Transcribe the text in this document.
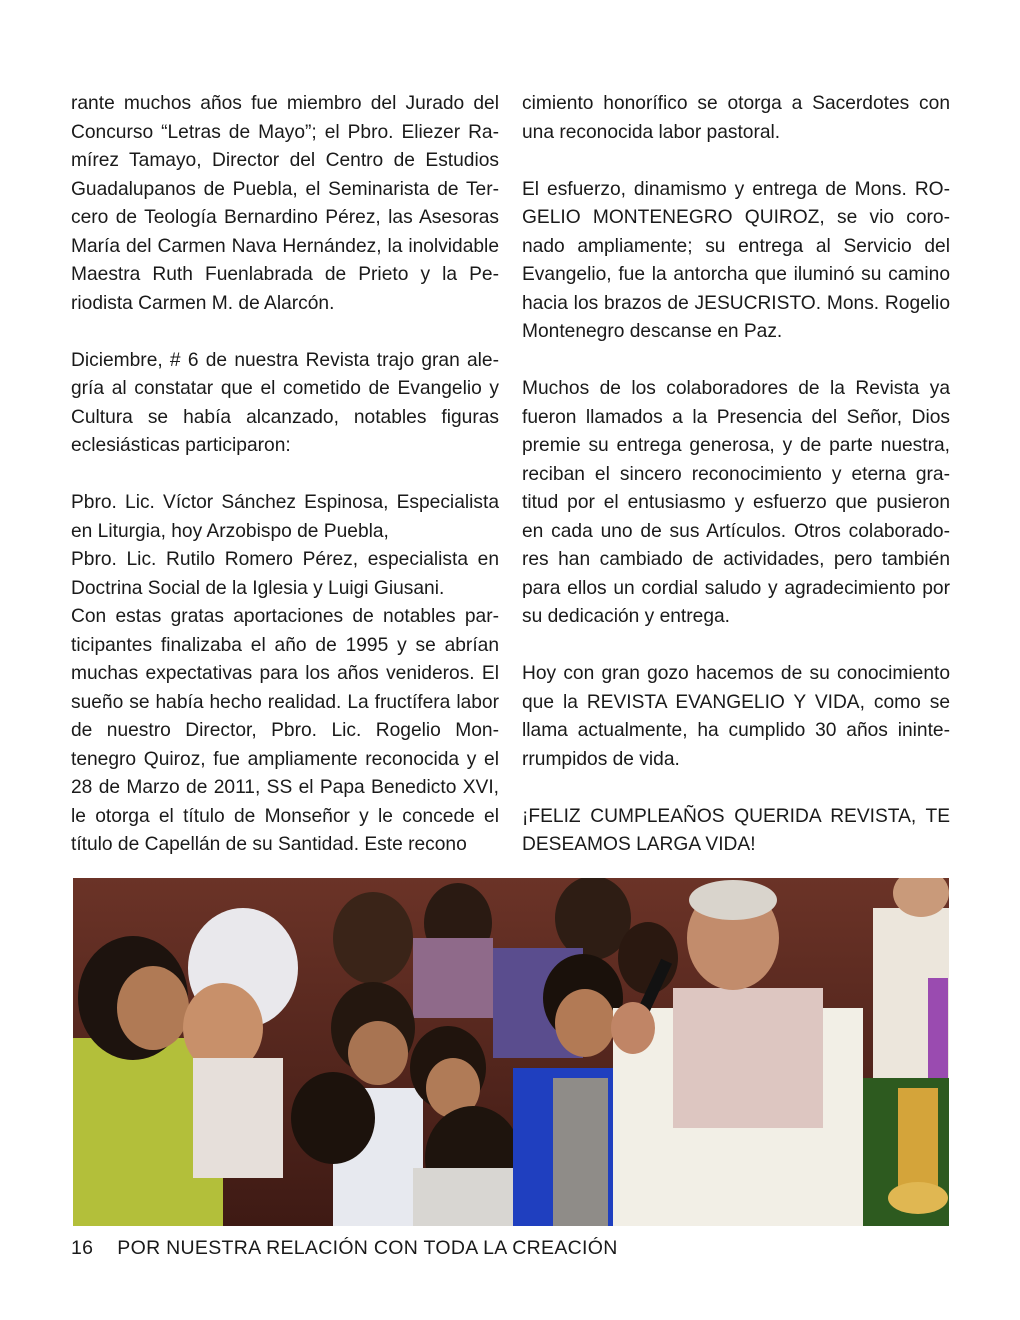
rante muchos años fue miembro del Jurado del Concurso “Letras de Mayo”; el Pbro. Eliezer Ramírez Tamayo, Director del Centro de Estudios Guadalupanos de Puebla, el Seminarista de Tercero de Teología Bernardino Pérez, las Asesoras María del Carmen Nava Hernández, la inolvidable Maestra Ruth Fuenlabrada de Prieto y la Periodista Carmen M. de Alarcón.

Diciembre, # 6 de nuestra Revista trajo gran alegría al constatar que el cometido de Evangelio y Cultura se había alcanzado, notables figuras eclesiásticas participaron:

Pbro. Lic. Víctor Sánchez Espinosa, Especialista en Liturgia, hoy Arzobispo de Puebla,

Pbro. Lic. Rutilo Romero Pérez, especialista en Doctrina Social de la Iglesia y Luigi Giusani.

Con estas gratas aportaciones de notables participantes finalizaba el año de 1995 y se abrían muchas expectativas para los años venideros. El sueño se había hecho realidad. La fructífera labor de nuestro Director, Pbro. Lic. Rogelio Montenegro Quiroz, fue ampliamente reconocida y el 28 de Marzo de 2011, SS el Papa Benedicto XVI, le otorga el título de Monseñor y le concede el título de Capellán de su Santidad. Este recono

cimiento honorífico se otorga a Sacerdotes con una reconocida labor pastoral.

El esfuerzo, dinamismo y entrega de Mons. ROGELIO MONTENEGRO QUIROZ, se vio coronado ampliamente; su entrega al Servicio del Evangelio, fue la antorcha que iluminó su camino hacia los brazos de JESUCRISTO. Mons. Rogelio Montenegro descanse en Paz.

Muchos de los colaboradores de la Revista ya fueron llamados a la Presencia del Señor, Dios premie su entrega generosa, y de parte nuestra, reciban el sincero reconocimiento y eterna gratitud por el entusiasmo y esfuerzo que pusieron en cada uno de sus Artículos. Otros colaboradores han cambiado de actividades, pero también para ellos un cordial saludo y agradecimiento por su dedicación y entrega.

Hoy con gran gozo hacemos de su conocimiento que la REVISTA EVANGELIO Y VIDA, como se llama actualmente, ha cumplido 30 años ininterrumpidos de vida.

¡FELIZ CUMPLEAÑOS QUERIDA REVISTA, TE DESEAMOS LARGA VIDA!

16 POR NUESTRA RELACIÓN CON TODA LA CREACIÓN
